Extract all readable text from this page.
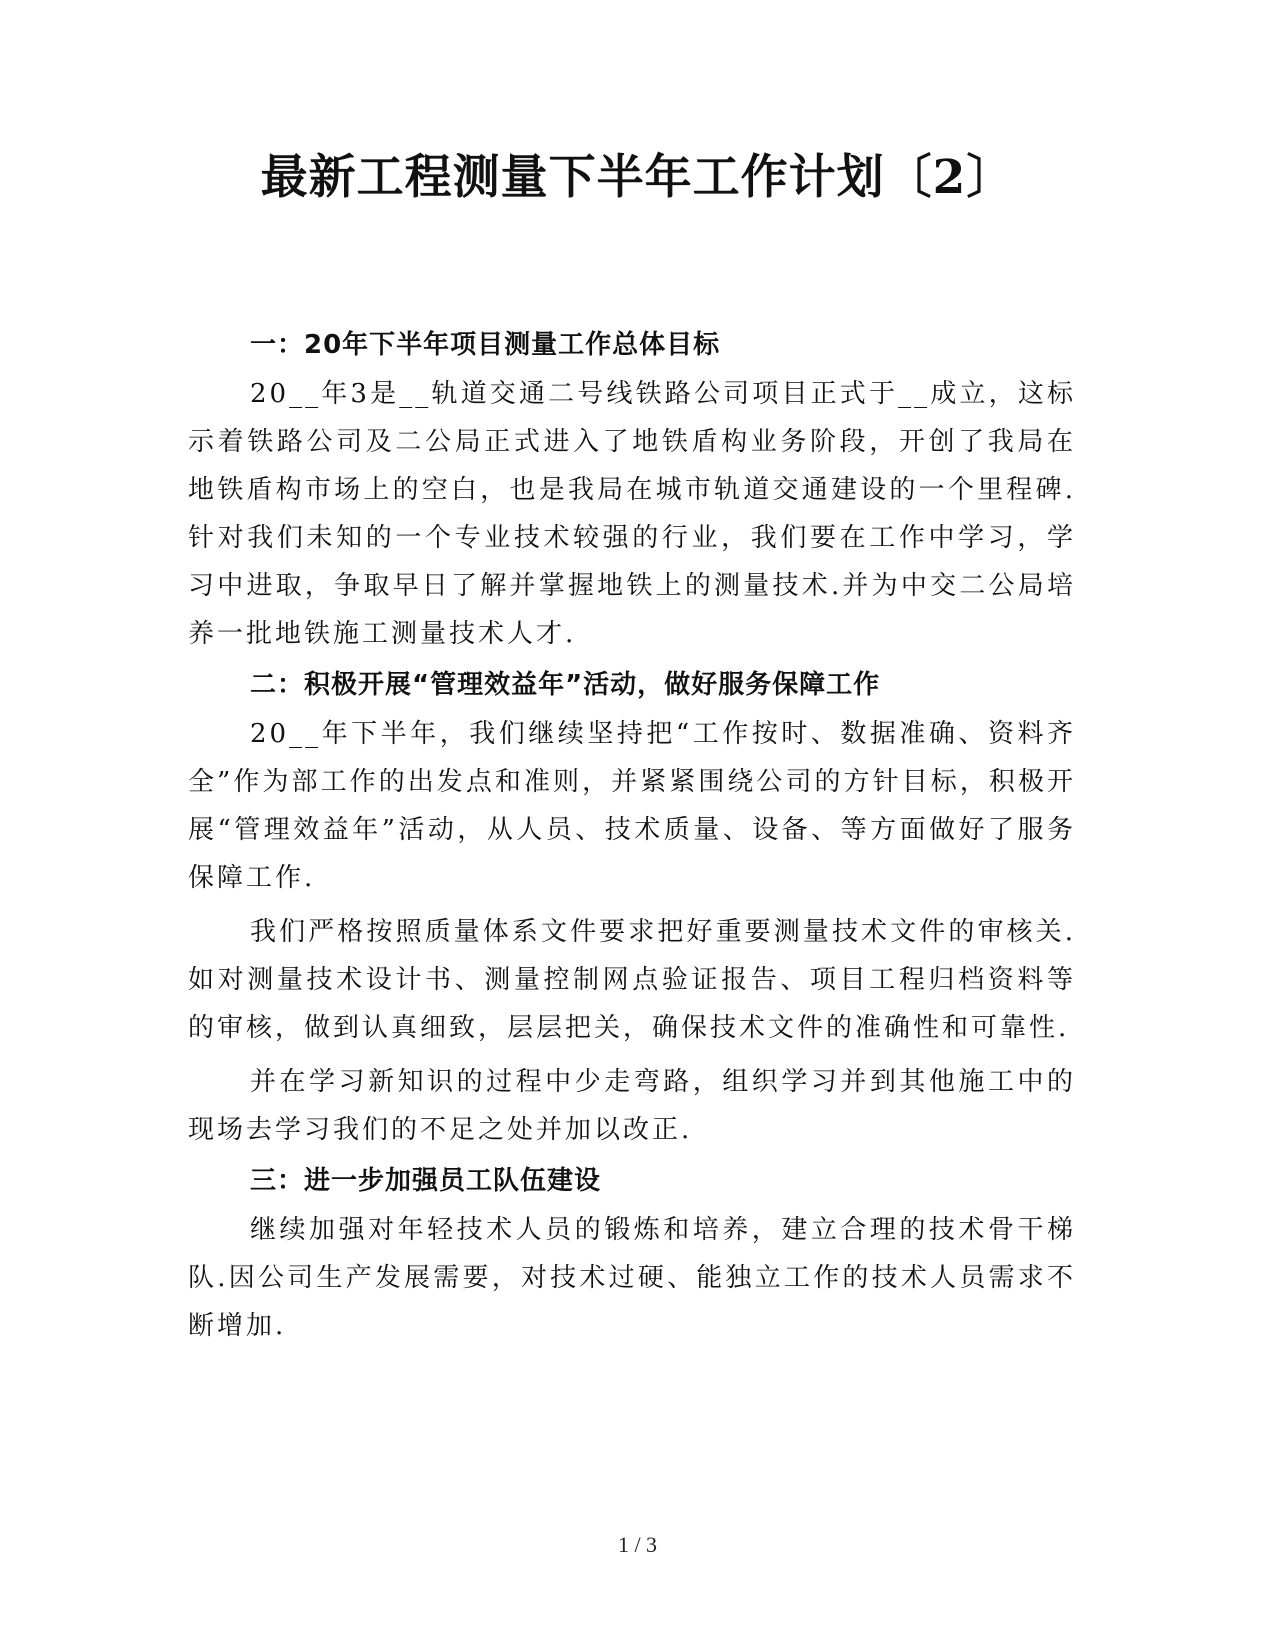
最新工程测量下半年工作计划〔2〕

一：20年下半年项目测量工作总体目标

20__年3是__轨道交通二号线铁路公司项目正式于__成立，这标示着铁路公司及二公局正式进入了地铁盾构业务阶段，开创了我局在地铁盾构市场上的空白，也是我局在城市轨道交通建设的一个里程碑.针对我们未知的一个专业技术较强的行业，我们要在工作中学习，学习中进取，争取早日了解并掌握地铁上的测量技术.并为中交二公局培养一批地铁施工测量技术人才.

二：积极开展“管理效益年”活动，做好服务保障工作

20__年下半年，我们继续坚持把“工作按时、数据准确、资料齐全”作为部工作的出发点和准则，并紧紧围绕公司的方针目标，积极开展“管理效益年”活动，从人员、技术质量、设备、等方面做好了服务保障工作.

我们严格按照质量体系文件要求把好重要测量技术文件的审核关.如对测量技术设计书、测量控制网点验证报告、项目工程归档资料等的审核，做到认真细致，层层把关，确保技术文件的准确性和可靠性.

并在学习新知识的过程中少走弯路，组织学习并到其他施工中的现场去学习我们的不足之处并加以改正.

三：进一步加强员工队伍建设

继续加强对年轻技术人员的锻炼和培养，建立合理的技术骨干梯队.因公司生产发展需要，对技术过硬、能独立工作的技术人员需求不断增加.

1 / 3
